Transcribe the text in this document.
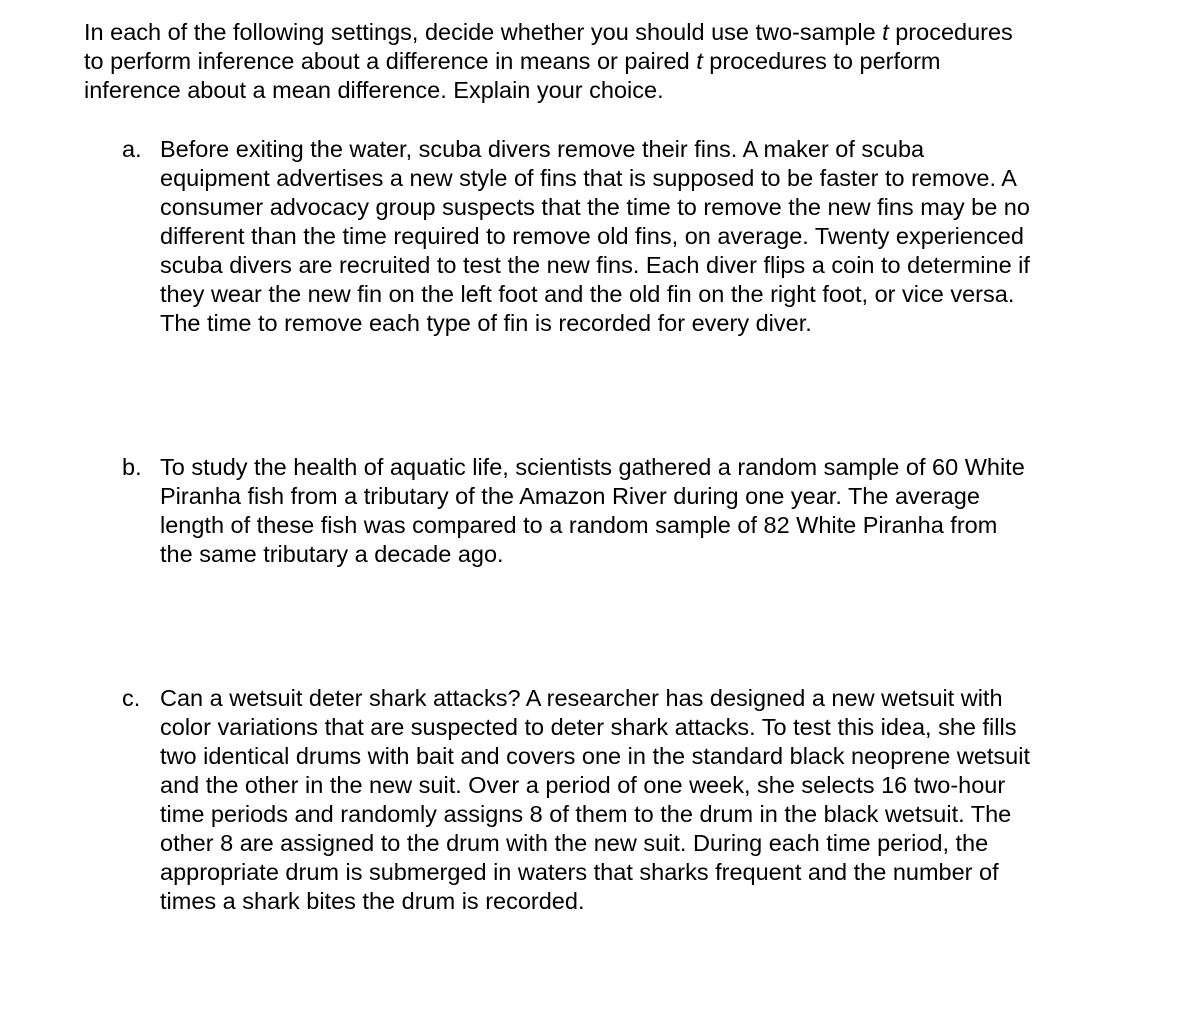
In each of the following settings, decide whether you should use two-sample t procedures
to perform inference about a difference in means or paired t procedures to perform
inference about a mean difference. Explain your choice.
a. Before exiting the water, scuba divers remove their fins. A maker of scuba
equipment advertises a new style of fins that is supposed to be faster to remove. A
consumer advocacy group suspects that the time to remove the new fins may be no
different than the time required to remove old fins, on average. Twenty experienced
scuba divers are recruited to test the new fins. Each diver flips a coin to determine if
they wear the new fin on the left foot and the old fin on the right foot, or vice versa.
The time to remove each type of fin is recorded for every diver.
b. To study the health of aquatic life, scientists gathered a random sample of 60 White
Piranha fish from a tributary of the Amazon River during one year. The average
length of these fish was compared to a random sample of 82 White Piranha from
the same tributary a decade ago.
c. Can a wetsuit deter shark attacks? A researcher has designed a new wetsuit with
color variations that are suspected to deter shark attacks. To test this idea, she fills
two identical drums with bait and covers one in the standard black neoprene wetsuit
and the other in the new suit. Over a period of one week, she selects 16 two-hour
time periods and randomly assigns 8 of them to the drum in the black wetsuit. The
other 8 are assigned to the drum with the new suit. During each time period, the
appropriate drum is submerged in waters that sharks frequent and the number of
times a shark bites the drum is recorded.
